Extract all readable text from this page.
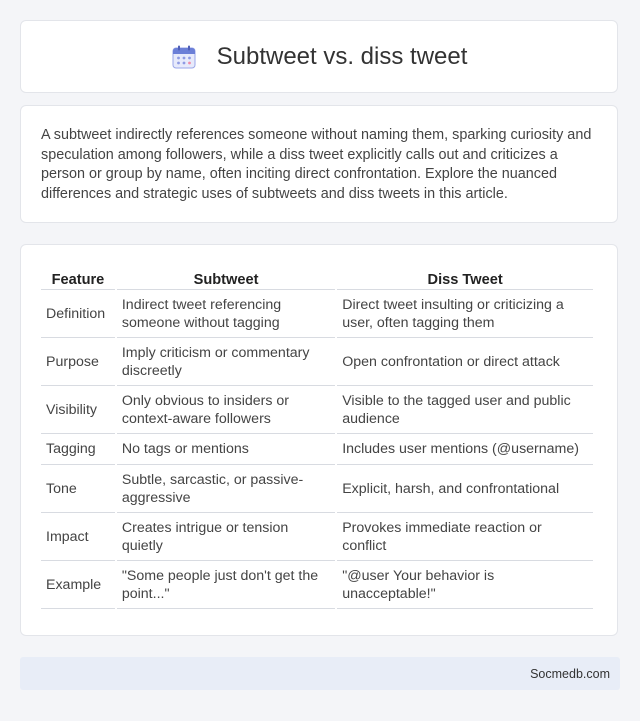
Subtweet vs. diss tweet

A subtweet indirectly references someone without naming them, sparking curiosity and speculation among followers, while a diss tweet explicitly calls out and criticizes a person or group by name, often inciting direct confrontation. Explore the nuanced differences and strategic uses of subtweets and diss tweets in this article.

Feature	Subtweet	Diss Tweet
Definition	Indirect tweet referencing someone without tagging	Direct tweet insulting or criticizing a user, often tagging them
Purpose	Imply criticism or commentary discreetly	Open confrontation or direct attack
Visibility	Only obvious to insiders or context-aware followers	Visible to the tagged user and public audience
Tagging	No tags or mentions	Includes user mentions (@username)
Tone	Subtle, sarcastic, or passive-aggressive	Explicit, harsh, and confrontational
Impact	Creates intrigue or tension quietly	Provokes immediate reaction or conflict
Example	"Some people just don't get the point..."	"@user Your behavior is unacceptable!"
Socmedb.com
